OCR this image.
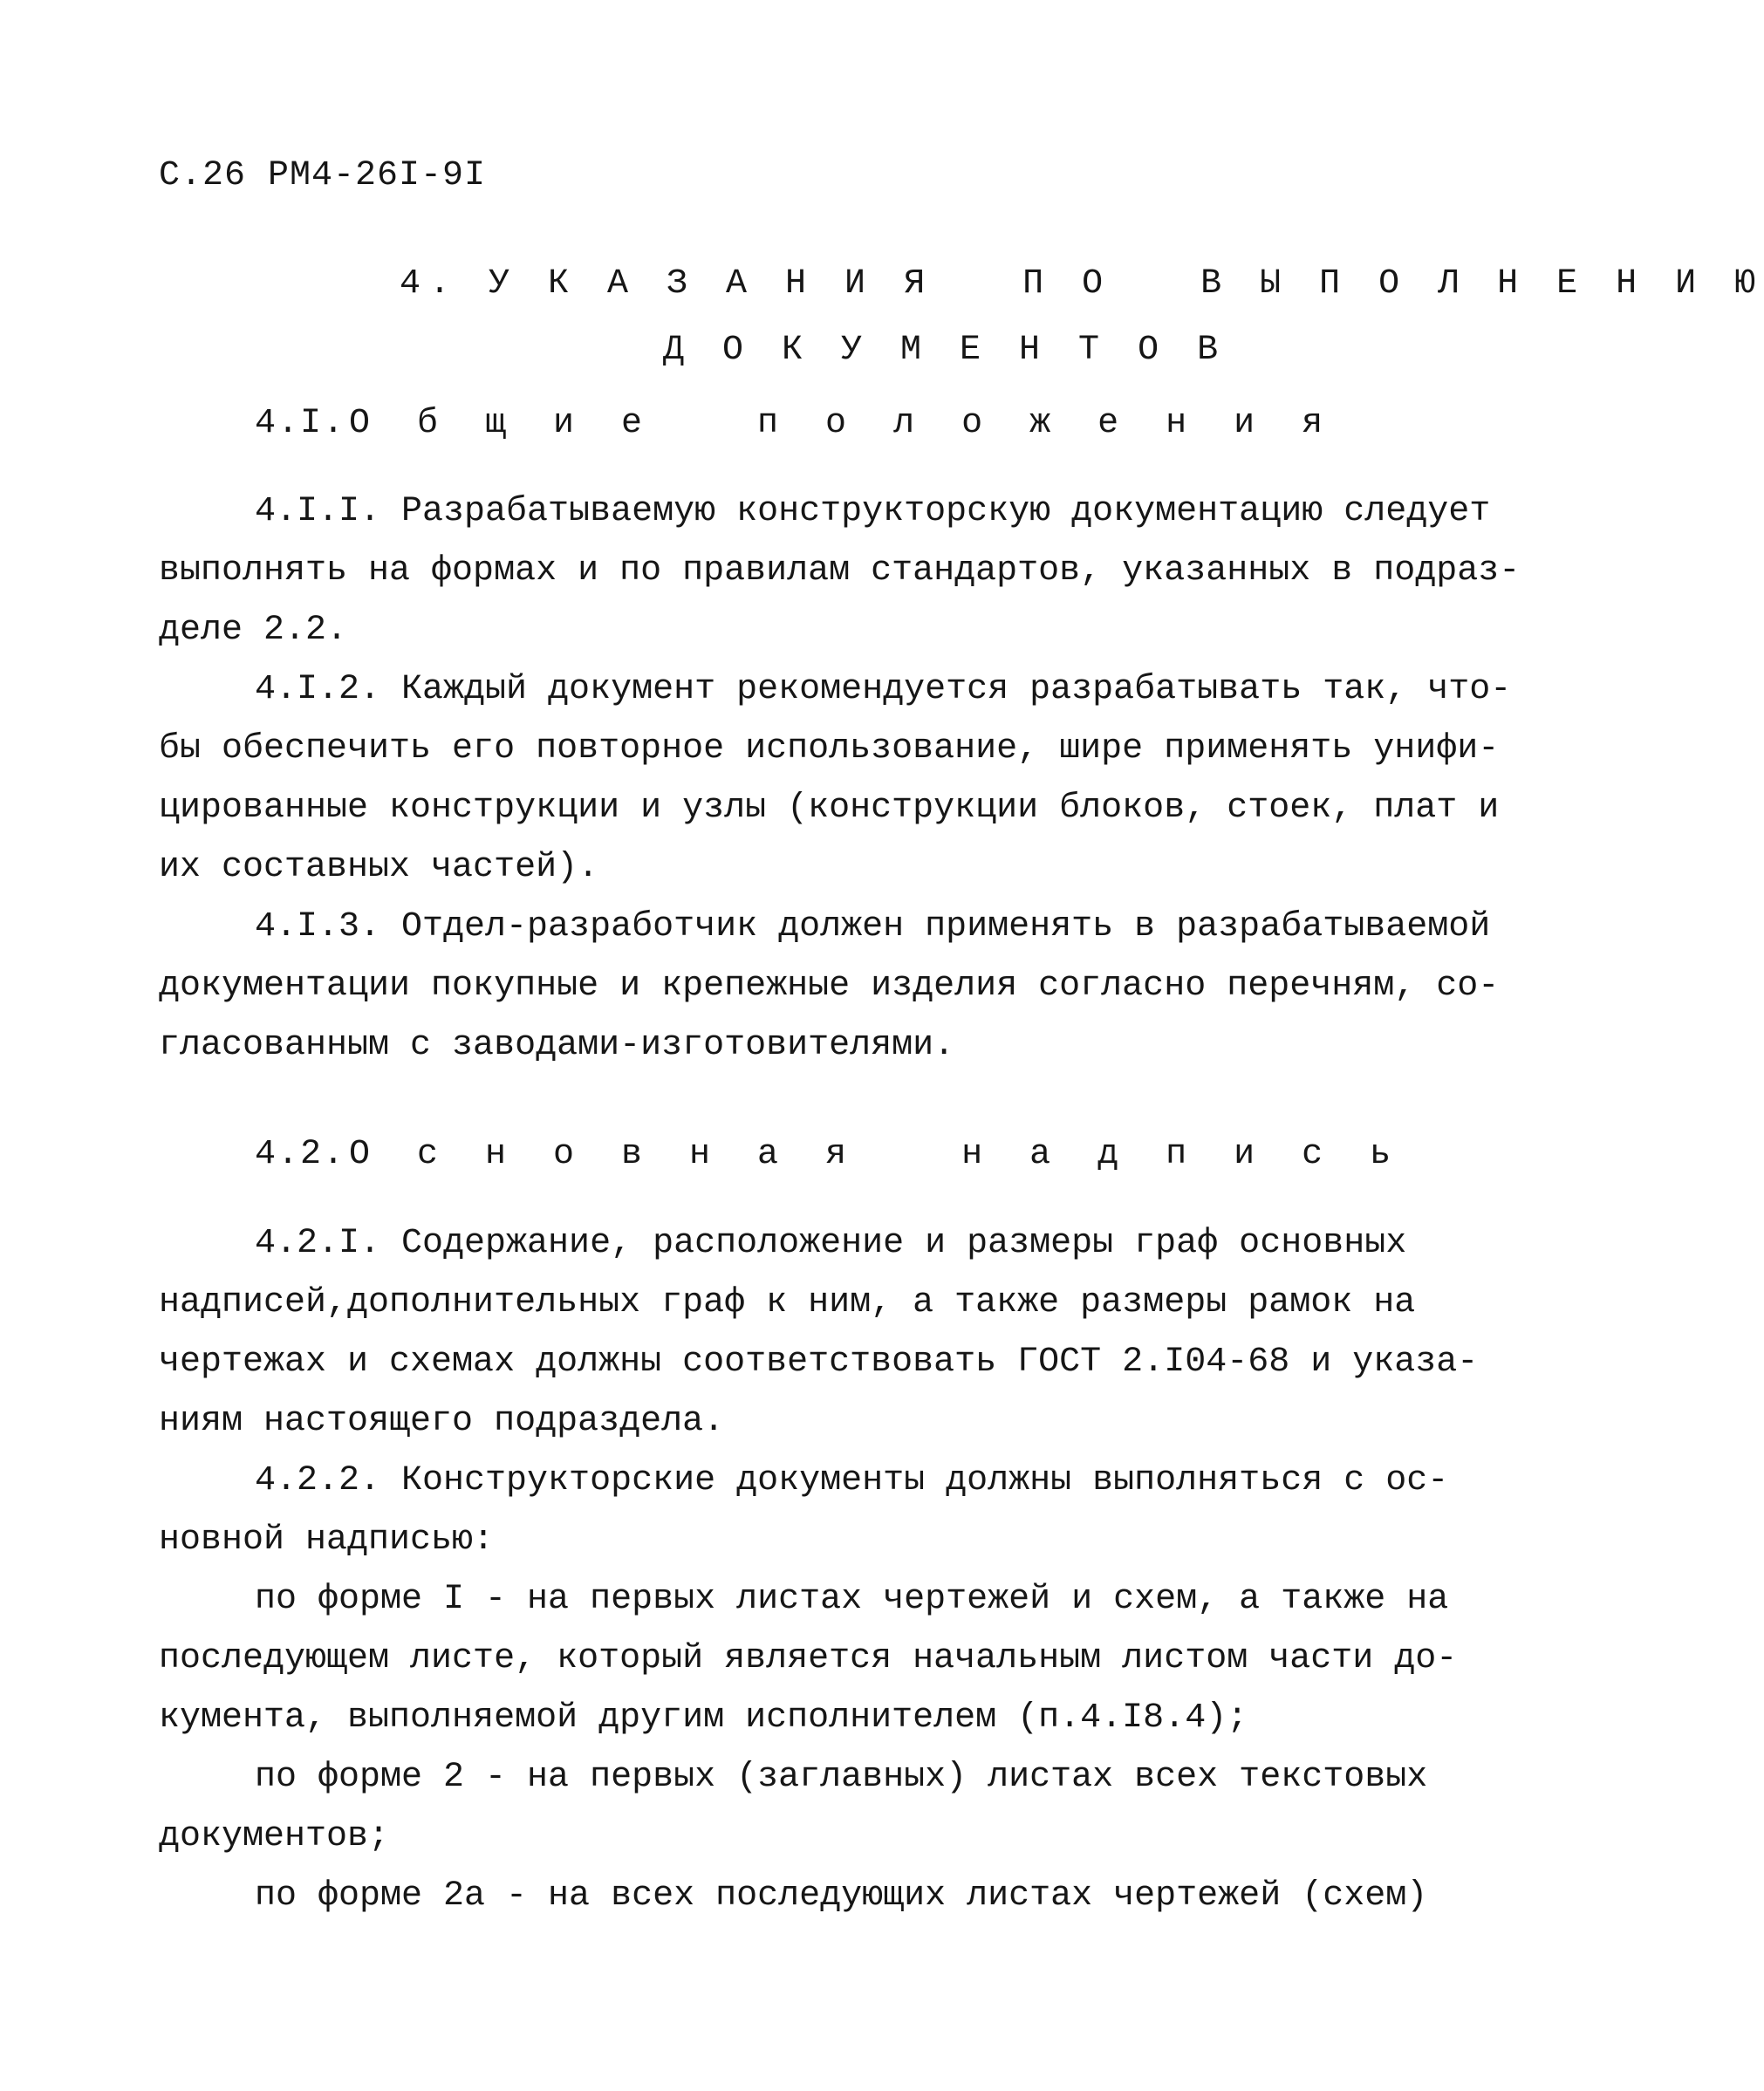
С.26 РМ4-26I-9I
4. У К А З А Н И Я   П О   В Ы П О Л Н Е Н И Ю
Д О К У М Е Н Т О В
4.I. О б щ и е   п о л о ж е н и я
4.I.I. Разрабатываемую конструкторскую документацию следует
выполнять на формах и по правилам стандартов, указанных в подраз-
деле 2.2.
4.I.2. Каждый документ рекомендуется разрабатывать так, что-
бы обеспечить его повторное использование, шире применять унифи-
цированные конструкции и узлы (конструкции блоков, стоек, плат и
их составных частей).
4.I.3. Отдел-разработчик должен применять в разрабатываемой
документации покупные и крепежные изделия согласно перечням, со-
гласованным с заводами-изготовителями.
4.2. О с н о в н а я   н а д п и с ь
4.2.I. Содержание, расположение и размеры граф основных
надписей,дополнительных граф к ним, а также размеры рамок на
чертежах и схемах должны соответствовать ГОСТ 2.I04-68 и указа-
ниям настоящего подраздела.
4.2.2. Конструкторские документы должны выполняться с ос-
новной надписью:
по форме I - на первых листах чертежей и схем, а также на
последующем листе, который является начальным листом части до-
кумента, выполняемой другим исполнителем (п.4.I8.4);
по форме 2 - на первых (заглавных) листах всех текстовых
документов;
по форме 2а - на всех последующих листах чертежей (схем)
